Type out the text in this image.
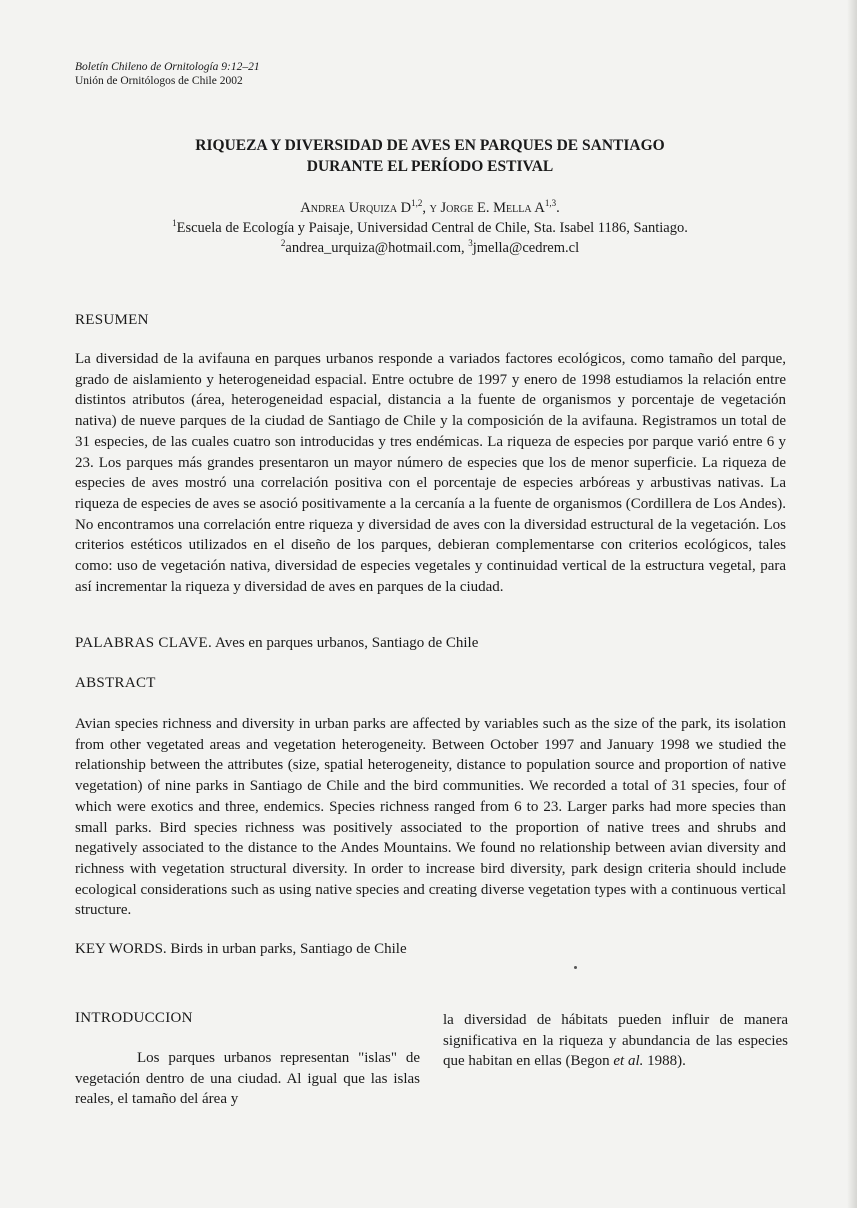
Boletín Chileno de Ornitología 9:12–21
Unión de Ornitólogos de Chile 2002
RIQUEZA Y DIVERSIDAD DE AVES EN PARQUES DE SANTIAGO
DURANTE EL PERÍODO ESTIVAL
Andrea Urquiza D$^{1,2}$, y Jorge E. Mella A$^{1,3}$.
$^1$Escuela de Ecología y Paisaje, Universidad Central de Chile, Sta. Isabel 1186, Santiago.
$^2$andrea_urquiza@hotmail.com, $^3$jmella@cedrem.cl
RESUMEN
La diversidad de la avifauna en parques urbanos responde a variados factores ecológicos, como tamaño del parque, grado de aislamiento y heterogeneidad espacial. Entre octubre de 1997 y enero de 1998 estudiamos la relación entre distintos atributos (área, heterogeneidad espacial, distancia a la fuente de organismos y porcentaje de vegetación nativa) de nueve parques de la ciudad de Santiago de Chile y la composición de la avifauna. Registramos un total de 31 especies, de las cuales cuatro son introducidas y tres endémicas. La riqueza de especies por parque varió entre 6 y 23. Los parques más grandes presentaron un mayor número de especies que los de menor superficie. La riqueza de especies de aves mostró una correlación positiva con el porcentaje de especies arbóreas y arbustivas nativas. La riqueza de especies de aves se asoció positivamente a la cercanía a la fuente de organismos (Cordillera de Los Andes). No encontramos una correlación entre riqueza y diversidad de aves con la diversidad estructural de la vegetación. Los criterios estéticos utilizados en el diseño de los parques, debieran complementarse con criterios ecológicos, tales como: uso de vegetación nativa, diversidad de especies vegetales y continuidad vertical de la estructura vegetal, para así incrementar la riqueza y diversidad de aves en parques de la ciudad.
PALABRAS CLAVE. Aves en parques urbanos, Santiago de Chile
ABSTRACT
Avian species richness and diversity in urban parks are affected by variables such as the size of the park, its isolation from other vegetated areas and vegetation heterogeneity. Between October 1997 and January 1998 we studied the relationship between the attributes (size, spatial heterogeneity, distance to population source and proportion of native vegetation) of nine parks in Santiago de Chile and the bird communities. We recorded a total of 31 species, four of which were exotics and three, endemics. Species richness ranged from 6 to 23. Larger parks had more species than small parks. Bird species richness was positively associated to the proportion of native trees and shrubs and negatively associated to the distance to the Andes Mountains. We found no relationship between avian diversity and richness with vegetation structural diversity. In order to increase bird diversity, park design criteria should include ecological considerations such as using native species and creating diverse vegetation types with a continuous vertical structure.
KEY WORDS. Birds in urban parks, Santiago de Chile
INTRODUCCION
Los parques urbanos representan "islas" de vegetación dentro de una ciudad. Al igual que las islas reales, el tamaño del área y
la diversidad de hábitats pueden influir de manera significativa en la riqueza y abundancia de las especies que habitan en ellas (Begon et al. 1988).
